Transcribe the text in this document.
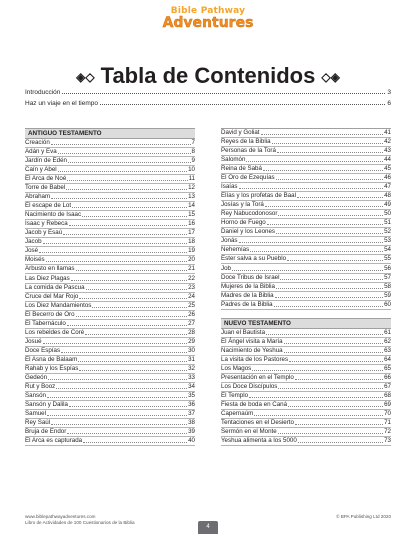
Bible Pathway
Adventures
◈◇ Tabla de Contenidos ◇◈
Introducción	3
Haz un viaje en el tiempo	6
ANTIGUO TESTAMENTO
Creación	7
Adán y Eva	8
Jardín de Edén	9
Caín y Abel	10
El Arca de Noé	11
Torre de Babel	12
Abraham	13
El escape de Lot	14
Nacimiento de Isaac	15
Isaac y Rebeca	16
Jacob y Esaú	17
Jacob	18
José	19
Moisés	20
Arbusto en llamas	21
Las Diez Plagas	22
La comida de Pascua	23
Cruce del Mar Rojo	24
Los Diez Mandamientos	25
El Becerro de Oro	26
El Tabernáculo	27
Los rebeldes de Coré	28
Josué	29
Doce Espías	30
El Asna de Balaam	31
Rahab y los Espías	32
Gedeón	33
Rut y Booz	34
Sansón	35
Sansón y Dalila	36
Samuel	37
Rey Saúl	38
Bruja de Endor	39
El Arca es capturada	40
David y Goliat	41
Reyes de la Biblia	42
Personas de la Torá	43
Salomón	44
Reina de Sabá	45
El Oro de Ezequías	46
Isaías	47
Elías y los profetas de Baal	48
Josías y la Torá	49
Rey Nabucodonosor	50
Horno de Fuego	51
Daniel y los Leones	52
Jonás	53
Nehemías	54
Ester salva a su Pueblo	55
Job	56
Doce Tribus de Israel	57
Mujeres de la Biblia	58
Madres de la Biblia	59
Padres de la Biblia	60
NUEVO TESTAMENTO
Juan el Bautista	61
El Ángel visita a María	62
Nacimiento de Yeshua	63
La visita de los Pastores	64
Los Magos	65
Presentación en el Templo	66
Los Doce Discípulos	67
El Templo	68
Fiesta de boda en Caná	69
Capernaúm	70
Tentaciones en el Desierto	71
Sermón en el Monte	72
Yeshua alimenta a los 5000	73
www.biblepathwayadventures.com
Libro de Actividades de 100 Cuestionarios de la Biblia
© BPA Publishing Ltd 2020
4
